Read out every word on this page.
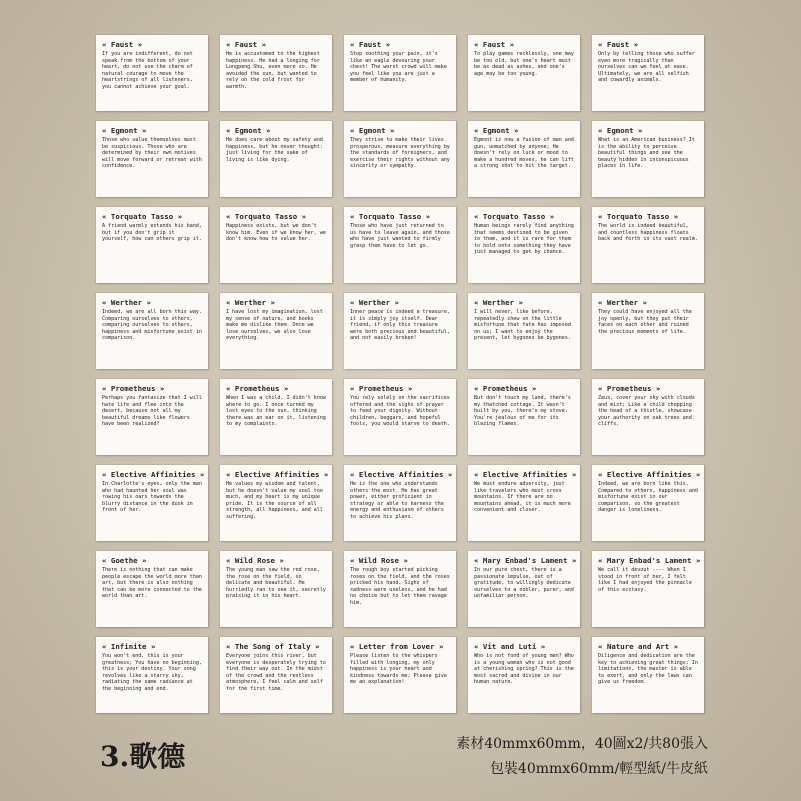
« Faust »
If you are indifferent, do not speak from the bottom of your heart, do not use the charm of natural courage to move the heartstrings of all listeners, you cannot achieve your goal.
« Faust »
He is accustomed to the highest happiness. He had a longing for Longpeng Shu, even more so. He avoided the sun, but wanted to rely on the cold frost for warmth.
« Faust »
Stop soothing your pain, it's like an eagle devouring your chest! The worst crowd will make you feel like you are just a member of humanity.
« Faust »
To play games recklessly, one may be too old, but one's heart must be as dead as ashes, and one's age may be too young.
« Faust »
Only by telling those who suffer even more tragically than ourselves can we feel at ease. Ultimately, we are all selfish and cowardly animals.
« Egmont »
Those who value themselves must be suspicious. Those who are determined by their own motives will move forward or retreat with confidence.
« Egmont »
He does care about my safety and happiness, but he never thought: just living for the sake of living is like dying.
« Egmont »
They strive to make their lives prosperous, measure everything by the standards of foreigners, and exercise their rights without any sincerity or sympathy.
« Egmont »
Egmont is now a fusion of man and gun, unmatched by anyone; He doesn't rely on luck or mood to make a hundred moves, he can lift a strong shot to hit the target.
« Egmont »
What is an American business? It is the ability to perceive beautiful things and see the beauty hidden in inconspicuous places in life.
« Torquato Tasso »
A friend warmly extends his hand, but if you don't grip it yourself, how can others grip it.
« Torquato Tasso »
Happiness exists, but we don't know him. Even if we know her, we don't know how to value her.
« Torquato Tasso »
Those who have just returned to us have to leave again, and those who have just wanted to firmly grasp them have to let go.
« Torquato Tasso »
Human beings rarely find anything that seems destined to be given to them, and it is rare for them to hold onto something they have just managed to get by chance.
« Torquato Tasso »
The world is indeed beautiful, and countless happiness floats back and forth in its vast realm.
« Werther »
Indeed, we are all born this way. Comparing ourselves to others, comparing ourselves to others, happiness and misfortune exist in comparison.
« Werther »
I have lost my imagination, lost my sense of nature, and books make me dislike them. Once we lose ourselves, we also lose everything.
« Werther »
Inner peace is indeed a treasure, it is simply joy itself. Dear friend, if only this treasure were both precious and beautiful, and not easily broken!
« Werther »
I will never, like before, repeatedly chew on the little misfortune that fate has imposed on us; I want to enjoy the present, let bygones be bygones.
« Werther »
They could have enjoyed all the joy openly, but they put their faces on each other and ruined the precious moments of life.
« Prometheus »
Perhaps you fantasize that I will hate life and flee into the desert, because not all my beautiful dreams like flowers have been realized?
« Prometheus »
When I was a child, I didn't know where to go. I once turned my lost eyes to the sun, thinking there was an ear on it, listening to my complaints.
« Prometheus »
You rely solely on the sacrifices offered and the sighs of prayer to feed your dignity. Without children, beggars, and hopeful fools, you would starve to death.
« Prometheus »
But don't touch my land, there's my thatched cottage. It wasn't built by you, there's my stove. You're jealous of me for its blazing flames.
« Prometheus »
Zeus, cover your sky with clouds and mist; Like a child chopping the head of a thistle, showcase your authority on oak trees and cliffs.
« Elective Affinities »
In Charlotte's eyes, only the man who had haunted her soul was rowing his oars towards the blurry distance in the dusk in front of her.
« Elective Affinities »
He values my wisdom and talent, but he doesn't value my soul too much, and my heart is my unique pride. It is the source of all strength, all happiness, and all suffering.
« Elective Affinities »
He is the one who understands others the most. He has great power, either proficient in strategy or able to harness the energy and enthusiasm of others to achieve his plans.
« Elective Affinities »
We must endure adversity, just like travelers who must cross mountains. If there are no mountains ahead, it is much more convenient and closer.
« Elective Affinities »
Indeed, we are born like this. Compared to others, happiness and misfortune exist in our comparison, so the greatest danger is loneliness.
« Goethe »
There is nothing that can make people escape the world more than art, but there is also nothing that can be more connected to the world than art.
« Wild Rose »
The young man saw the red rose, the rose on the field, so delicate and beautiful. He hurriedly ran to see it, secretly praising it in his heart.
« Wild Rose »
The rough boy started picking roses on the field, and the roses pricked his hand. Sighs of sadness were useless, and he had no choice but to let them ravage him.
« Mary Enbad's Lament »
In our pure chest, there is a passionate impulse, out of gratitude, to willingly dedicate ourselves to a nobler, purer, and unfamiliar person.
« Mary Enbad's Lament »
We call it devout ---- When I stood in front of her, I felt like I had enjoyed the pinnacle of this ecstasy.
« Infinite »
You won't end, this is your greatness; You have no beginning, this is your destiny. Your song revolves like a starry sky, radiating the same radiance at the beginning and end.
« The Song of Italy »
Everyone joins this river, but everyone is desperately trying to find their way out. In the midst of the crowd and the restless atmosphere, I feel calm and self for the first time.
« Letter from Lover »
Please listen to the whispers filled with longing, my only happiness is your heart and kindness towards me; Please give me an explanation!
« Vit and Luti »
Who is not fond of young men? Who is a young woman who is not good at cherishing spring? This is the most sacred and divine in our human nature.
« Nature and Art »
Diligence and dedication are the key to achieving great things; In limitations, the master is able to exert, and only the laws can give us freedom.
3.歌德	素材40mmx60mm，40圖x2/共80張入
包裝40mmx60mm/輕型紙/牛皮紙
